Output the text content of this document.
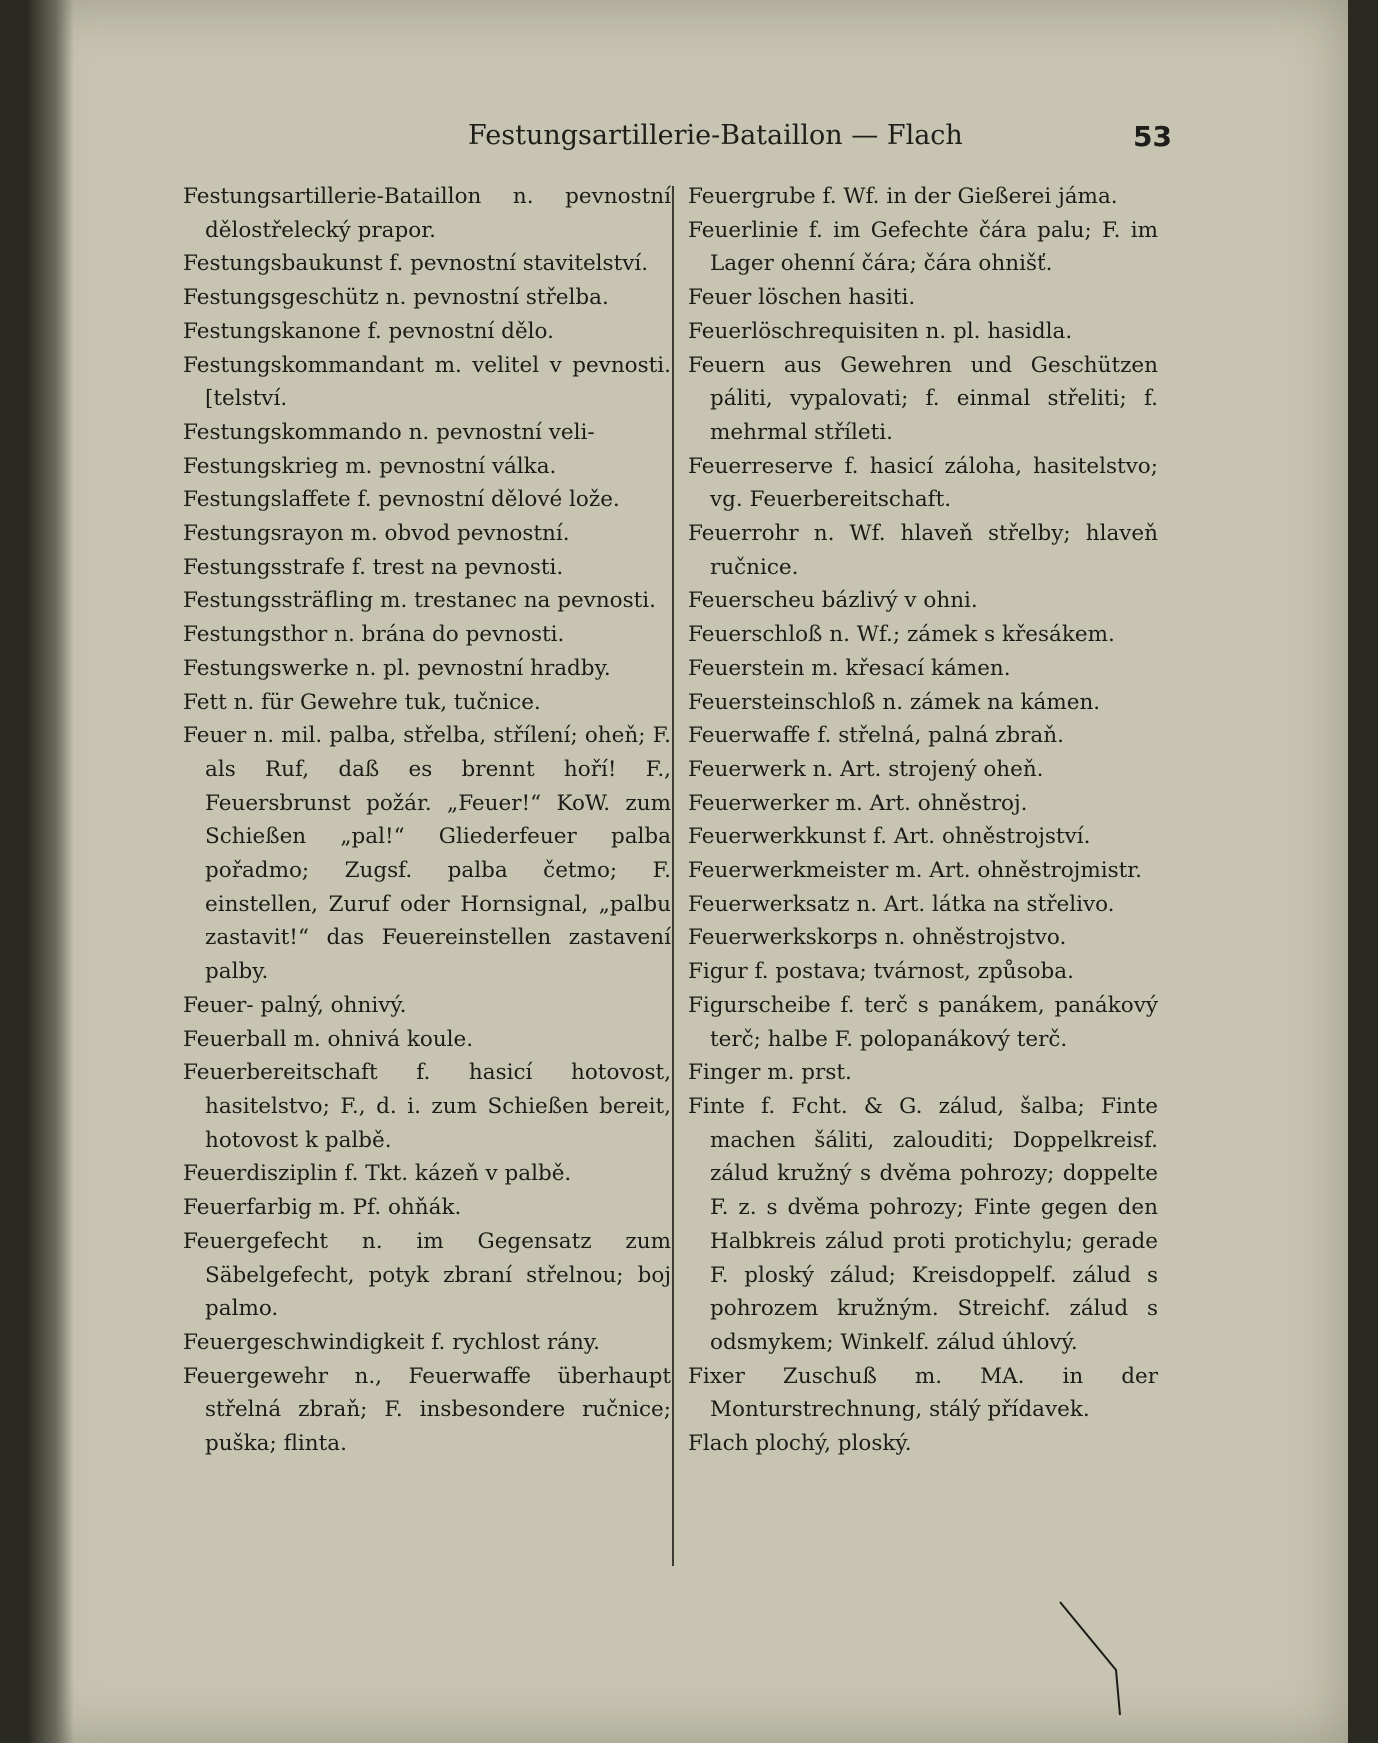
Festungsartillerie-Bataillon — Flach	53

Festungsartillerie-Bataillon n. pevnostní dělostřelecký prapor.

Festungsbaukunst f. pevnostní stavitelství.

Festungsgeschütz n. pevnostní střelba.

Festungskanone f. pevnostní dělo.

Festungskommandant m. velitel v pevnosti. [telství.

Festungskommando n. pevnostní veli-

Festungskrieg m. pevnostní válka.

Festungslaffete f. pevnostní dělové lože.

Festungsrayon m. obvod pevnostní.

Festungsstrafe f. trest na pevnosti.

Festungssträfling m. trestanec na pevnosti.

Festungsthor n. brána do pevnosti.

Festungswerke n. pl. pevnostní hradby.

Fett n. für Gewehre tuk, tučnice.

Feuer n. mil. palba, střelba, střílení; oheň; F. als Ruf, daß es brennt hoří! F., Feuersbrunst požár. „Feuer!“ KoW. zum Schießen „pal!“ Gliederfeuer palba pořadmo; Zugsf. palba četmo; F. einstellen, Zuruf oder Hornsignal, „palbu zastavit!“ das Feuereinstellen zastavení palby.

Feuer- palný, ohnivý.

Feuerball m. ohnivá koule.

Feuerbereitschaft f. hasicí hotovost, hasitelstvo; F., d. i. zum Schießen bereit, hotovost k palbě.

Feuerdisziplin f. Tkt. kázeň v palbě.

Feuerfarbig m. Pf. ohňák.

Feuergefecht n. im Gegensatz zum Säbelgefecht, potyk zbraní střelnou; boj palmo.

Feuergeschwindigkeit f. rychlost rány.

Feuergewehr n., Feuerwaffe überhaupt střelná zbraň; F. insbesondere ručnice; puška; flinta.

Feuergrube f. Wf. in der Gießerei jáma.

Feuerlinie f. im Gefechte čára palu; F. im Lager ohenní čára; čára ohnišť.

Feuer löschen hasiti.

Feuerlöschrequisiten n. pl. hasidla.

Feuern aus Gewehren und Geschützen páliti, vypalovati; f. einmal střeliti; f. mehrmal stříleti.

Feuerreserve f. hasicí záloha, hasitelstvo; vg. Feuerbereitschaft.

Feuerrohr n. Wf. hlaveň střelby; hlaveň ručnice.

Feuerscheu bázlivý v ohni.

Feuerschloß n. Wf.; zámek s křesákem.

Feuerstein m. křesací kámen.

Feuersteinschloß n. zámek na kámen.

Feuerwaffe f. střelná, palná zbraň.

Feuerwerk n. Art. strojený oheň.

Feuerwerker m. Art. ohněstroj.

Feuerwerkkunst f. Art. ohněstrojství.

Feuerwerkmeister m. Art. ohněstrojmistr.

Feuerwerksatz n. Art. látka na střelivo.

Feuerwerkskorps n. ohněstrojstvo.

Figur f. postava; tvárnost, způsoba.

Figurscheibe f. terč s panákem, panákový terč; halbe F. polopanákový terč.

Finger m. prst.

Finte f. Fcht. & G. zálud, šalba; Finte machen šáliti, zalouditi; Doppelkreisf. zálud kružný s dvěma pohrozy; doppelte F. z. s dvěma pohrozy; Finte gegen den Halbkreis zálud proti protichylu; gerade F. ploský zálud; Kreisdoppelf. zálud s pohrozem kružným. Streichf. zálud s odsmykem; Winkelf. zálud úhlový.

Fixer Zuschuß m. MA. in der Monturstrechnung, stálý přídavek.

Flach plochý, ploský.
